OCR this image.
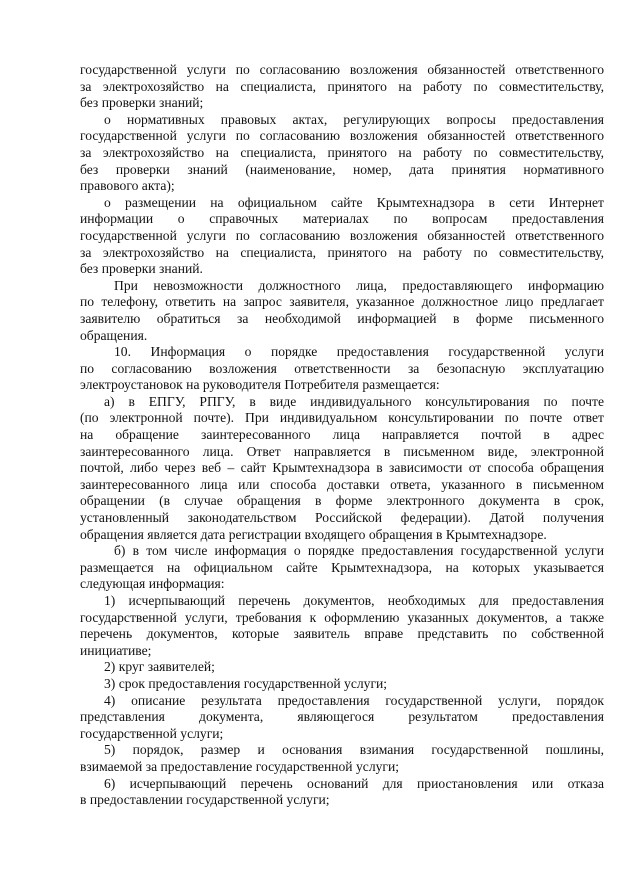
государственной услуги по согласованию возложения обязанностей ответственного
за электрохозяйство на специалиста, принятого на работу по совместительству,
без проверки знаний;
о нормативных правовых актах, регулирующих вопросы предоставления
государственной услуги по согласованию возложения обязанностей ответственного
за электрохозяйство на специалиста, принятого на работу по совместительству,
без проверки знаний (наименование, номер, дата принятия нормативного
правового акта);
о размещении на официальном сайте Крымтехнадзора в сети Интернет
информации о справочных материалах по вопросам предоставления
государственной услуги по согласованию возложения обязанностей ответственного
за электрохозяйство на специалиста, принятого на работу по совместительству,
без проверки знаний.
При невозможности должностного лица, предоставляющего информацию
по телефону, ответить на запрос заявителя, указанное должностное лицо предлагает
заявителю обратиться за необходимой информацией в форме письменного
обращения.
10. Информация о порядке предоставления государственной услуги
по согласованию возложения ответственности за безопасную эксплуатацию
электроустановок на руководителя Потребителя размещается:
а) в ЕПГУ, РПГУ, в виде индивидуального консультирования по почте
(по электронной почте). При индивидуальном консультировании по почте ответ
на обращение заинтересованного лица направляется почтой в адрес
заинтересованного лица. Ответ направляется в письменном виде, электронной
почтой, либо через веб – сайт Крымтехнадзора в зависимости от способа обращения
заинтересованного лица или способа доставки ответа, указанного в письменном
обращении (в случае обращения в форме электронного документа в срок,
установленный законодательством Российской федерации). Датой получения
обращения является дата регистрации входящего обращения в Крымтехнадзоре.
б) в том числе информация о порядке предоставления государственной услуги
размещается на официальном сайте Крымтехнадзора, на которых указывается
следующая информация:
1) исчерпывающий перечень документов, необходимых для предоставления
государственной услуги, требования к оформлению указанных документов, а также
перечень документов, которые заявитель вправе представить по собственной
инициативе;
2) круг заявителей;
3) срок предоставления государственной услуги;
4) описание результата предоставления государственной услуги, порядок
представления документа, являющегося результатом предоставления
государственной услуги;
5) порядок, размер и основания взимания государственной пошлины,
взимаемой за предоставление государственной услуги;
6) исчерпывающий перечень оснований для приостановления или отказа
в предоставлении государственной услуги;
